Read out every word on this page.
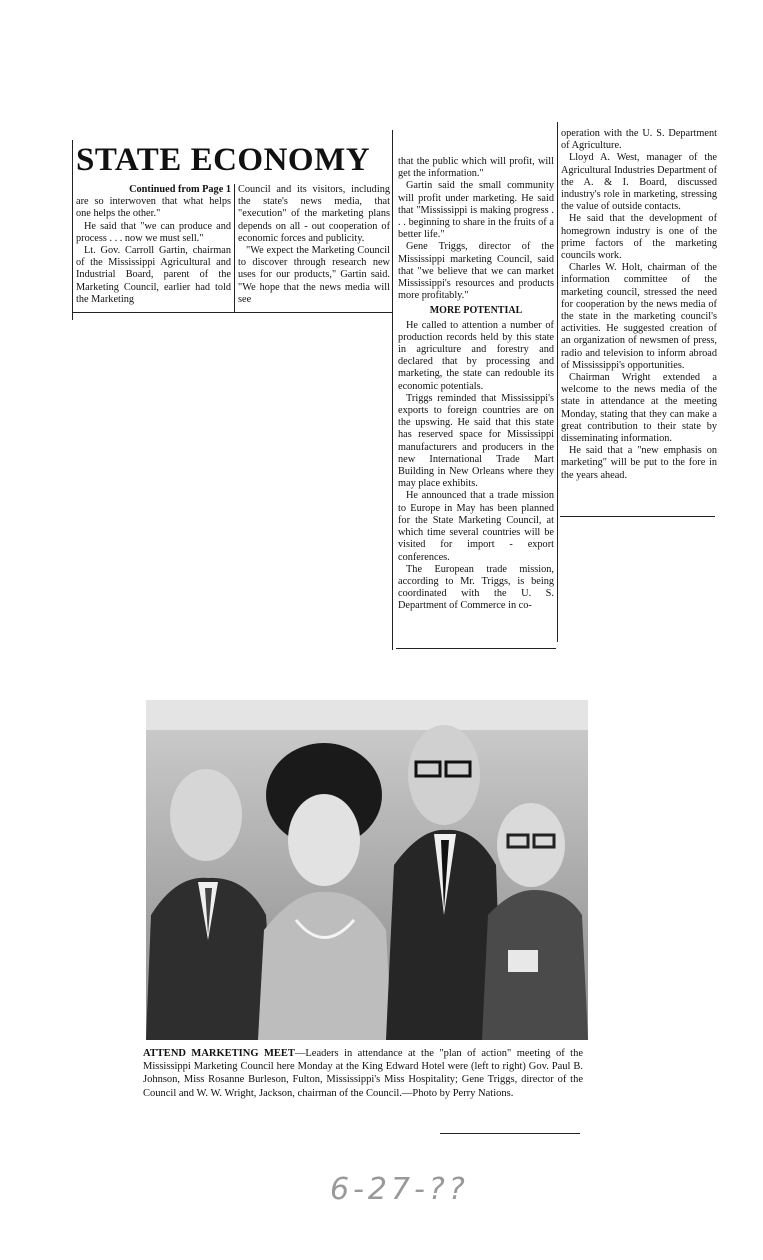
STATE ECONOMY

Continued from Page 1

are so interwoven that what helps one helps the other."

He said that "we can produce and process . . . now we must sell."

Lt. Gov. Carroll Gartin, chairman of the Mississippi Agricultural and Industrial Board, parent of the Marketing Council, earlier had told the Marketing

Council and its visitors, including the state's news media, that "execution" of the marketing plans depends on all - out cooperation of economic forces and publicity.

"We expect the Marketing Council to discover through research new uses for our products," Gartin said. "We hope that the news media will see

that the public which will profit, will get the information."

Gartin said the small community will profit under marketing. He said that "Mississippi is making progress . . . beginning to share in the fruits of a better life."

Gene Triggs, director of the Mississippi marketing Council, said that "we believe that we can market Mississippi's resources and products more profitably."

MORE POTENTIAL

He called to attention a number of production records held by this state in agriculture and forestry and declared that by processing and marketing, the state can redouble its economic potentials.

Triggs reminded that Mississippi's exports to foreign countries are on the upswing. He said that this state has reserved space for Mississippi manufacturers and producers in the new International Trade Mart Building in New Orleans where they may place exhibits.

He announced that a trade mission to Europe in May has been planned for the State Marketing Council, at which time several countries will be visited for import - export conferences.

The European trade mission, according to Mr. Triggs, is being coordinated with the U. S. Department of Commerce in co-

operation with the U. S. Department of Agriculture.

Lloyd A. West, manager of the Agricultural Industries Department of the A. & I. Board, discussed industry's role in marketing, stressing the value of outside contacts.

He said that the development of homegrown industry is one of the prime factors of the marketing councils work.

Charles W. Holt, chairman of the information committee of the marketing council, stressed the need for cooperation by the news media of the state in the marketing council's activities. He suggested creation of an organization of newsmen of press, radio and television to inform abroad of Mississippi's opportunities.

Chairman Wright extended a welcome to the news media of the state in attendance at the meeting Monday, stating that they can make a great contribution to their state by disseminating information.

He said that a "new emphasis on marketing" will be put to the fore in the years ahead.

ATTEND MARKETING MEET—Leaders in attendance at the "plan of action" meeting of the Mississippi Marketing Council here Monday at the King Edward Hotel were (left to right) Gov. Paul B. Johnson, Miss Rosanne Burleson, Fulton, Mississippi's Miss Hospitality; Gene Triggs, director of the Council and W. W. Wright, Jackson, chairman of the Council.—Photo by Perry Nations.
6-27-??
